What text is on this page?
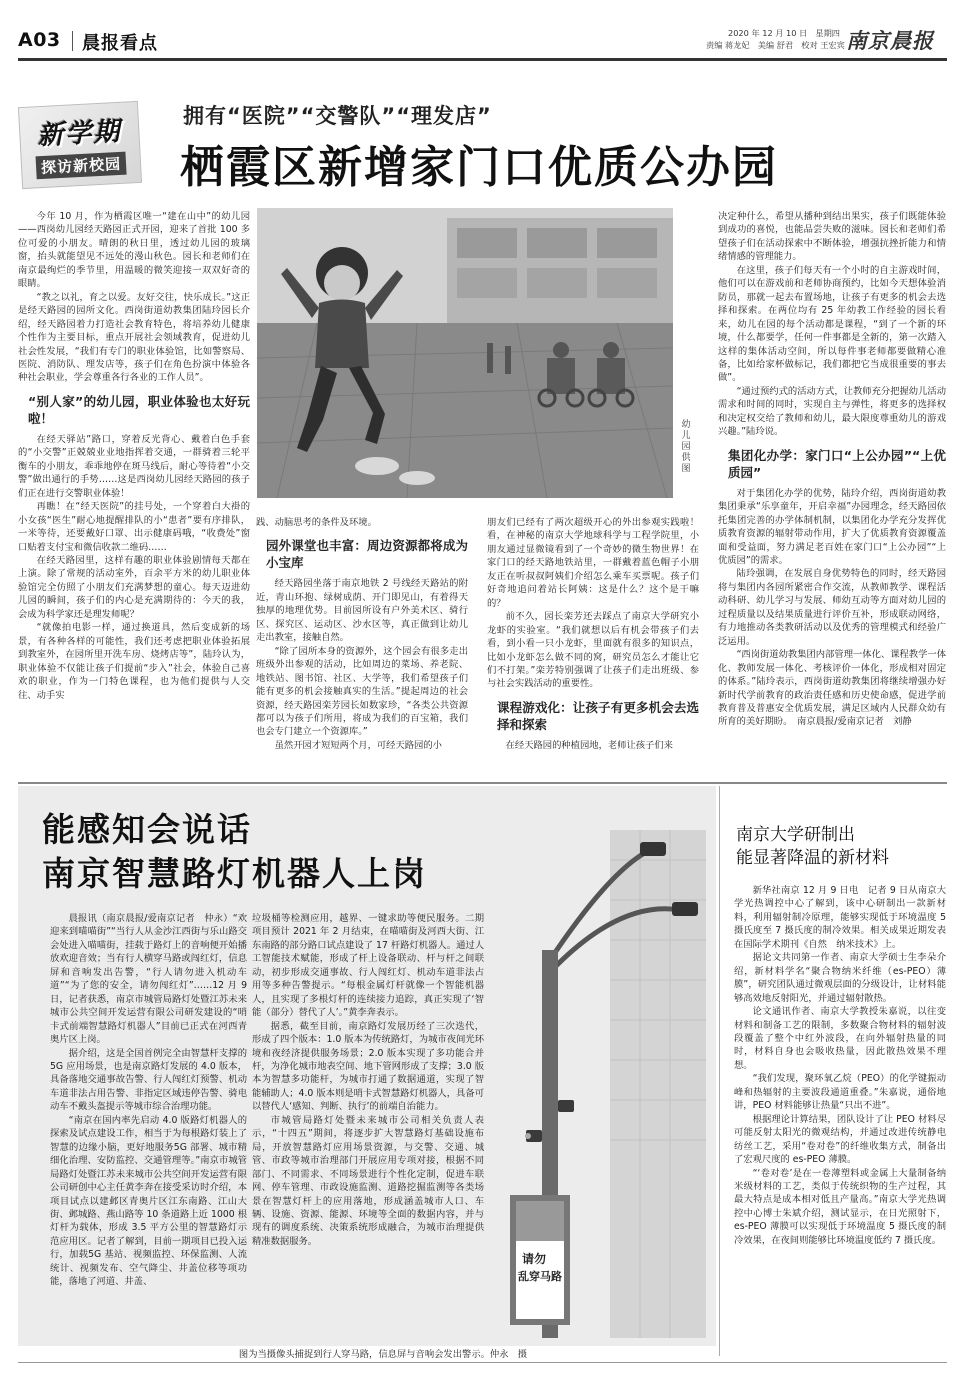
A03 晨报看点	2020 年 12 月 10 日　星期四
责编 蒋龙妃　美编 舒君　校对 王宏宾 南京晨报
新学期
探访新校园
拥有“医院”“交警队”“理发店”
栖霞区新增家门口优质公办园
幼儿园供图

今年 10 月，作为栖霞区唯一“建在山中”的幼儿园——西岗幼儿园经天路园正式开园，迎来了首批 100 多位可爱的小朋友。晴朗的秋日里，透过幼儿园的玻璃窗，抬头就能望见不远处的漫山秋色。园长和老师们在南京最绚烂的季节里，用温暖的微笑迎接一双双好奇的眼睛。

“教之以礼，育之以爱。友好交往，快乐成长。”这正是经天路园的园所文化。西岗街道幼教集团陆玲园长介绍，经天路园着力打造社会教育特色，将培养幼儿健康个性作为主要目标，重点开展社会领域教育，促进幼儿社会性发展，“我们有专门的职业体验馆，比如警察局、医院、消防队、理发店等，孩子们在角色扮演中体验各种社会职业，学会尊重各行各业的工作人员”。

“别人家”的幼儿园，职业体验也太好玩啦！

在经天驿站”路口，穿着反光背心、戴着白色手套的“小交警”正兢兢业业地指挥着交通，一群骑着三轮平衡车的小朋友，乖乖地停在斑马线后，耐心等待着“小交警”做出通行的手势……这是西岗幼儿园经天路园的孩子们正在进行交警职业体验！

再瞧！在“经天医院”的挂号处，一个穿着白大褂的小女孩“医生”耐心地提醒排队的小“患者”要有序排队，一米等待，还要戴好口罩、出示健康码哦，“收费处”窗口贴着支付宝和微信收款二维码……

在经天路园里，这样有趣的职业体验剧情每天都在上演。除了常规的活动室外，百余平方米的幼儿职业体验馆完全仿照了小朋友们充满梦想的童心。每天迈进幼儿园的瞬间，孩子们的内心是充满期待的：今天的我，会成为科学家还是理发师呢？

“就像拍电影一样，通过换道具，然后变成新的场景，有各种各样的可能性，我们还考虑把职业体验拓展到教室外，在园所里开洗车房、烧烤店等”，陆玲认为，职业体验不仅能让孩子们提前“步入”社会，体验自己喜欢的职业，作为一门特色课程，也为他们提供与人交往、动手实

践、动脑思考的条件及环境。

园外课堂也丰富：周边资源都将成为小宝库

经天路园坐落于南京地铁 2 号线经天路站的附近，青山环抱、绿树成荫、开门即见山，有着得天独厚的地理优势。目前园所设有户外美术区、骑行区、探究区、运动区、沙水区等，真正做到让幼儿走出教室，接触自然。

“除了园所本身的资源外，这个园会有很多走出班级外出参观的活动，比如周边的菜场、养老院、地铁站、图书馆、社区、大学等，我们希望孩子们能有更多的机会接触真实的生活。”提起周边的社会资源，经天路园栾芳园长如数家珍，“各类公共资源都可以为孩子们所用，将成为我们的百宝箱，我们也会专门建立一个资源库。”

虽然开园才短短两个月，可经天路园的小

朋友们已经有了两次超级开心的外出参观实践啦！看，在神秘的南京大学地球科学与工程学院里，小朋友通过显微镜看到了一个奇妙的微生物世界！在家门口的经天路地铁站里，一群戴着蓝色帽子小朋友正在听叔叔阿姨们介绍怎么乘车买票呢。孩子们好奇地追问着站长阿姨：这是什么？这个是干嘛的？

前不久，园长栾芳还去踩点了南京大学研究小龙虾的实验室。“我们就想以后有机会带孩子们去看，到小看一只小龙虾，里面就有很多的知识点，比如小龙虾怎么做不同的窝，研究员怎么才能让它们不打架。”栾芳特别强调了让孩子们走出班级、参与社会实践活动的重要性。

课程游戏化：让孩子有更多机会去选择和探索

在经天路园的种植园地，老师让孩子们来

决定种什么，希望从播种到结出果实，孩子们既能体验到成功的喜悦，也能品尝失败的滋味。园长和老师们希望孩子们在活动探索中不断体验，增强抗挫折能力和情绪情感的管理能力。

在这里，孩子们每天有一个小时的自主游戏时间，他们可以在游戏前和老师协商预约，比如今天想体验消防员，那就一起去布置场地，让孩子有更多的机会去选择和探索。在两位均有 25 年幼教工作经验的园长看来，幼儿在园的每个活动都是课程，“到了一个新的环境，什么都要学，任何一件事都是全新的，第一次踏入这样的集体活动空间，所以每件事老师都要做精心准备，比如给家杯做标记，我们都把它当成很重要的事去做”。

“通过预约式的活动方式，让教师充分把握幼儿活动需求和时间的同时，实现自主与弹性，将更多的选择权和决定权交给了教师和幼儿，最大限度尊重幼儿的游戏兴趣。”陆玲说。

集团化办学：家门口“上公办园”“上优质园”

对于集团化办学的优势，陆玲介绍，西岗街道幼教集团秉承“乐享童年，开启幸福”办园理念，经天路园依托集团完善的办学体制机制，以集团化办学充分发挥优质教育资源的辐射带动作用，扩大了优质教育资源覆盖面和受益面，努力满足老百姓在家门口“上公办园”“上优质园”的需求。

陆玲强调，在发展自身优势特色的同时，经天路园将与集团内各园所紧密合作交流，从教师教学、课程活动科研、幼儿学习与发展、师幼互动等方面对幼儿园的过程质量以及结果质量进行评价互补，形成联动网络，有力地推动各类教研活动以及优秀的管理模式和经验广泛运用。

“西岗街道幼教集团内部管理一体化、课程教学一体化、教师发展一体化、考核评价一体化，形成相对固定的体系。”陆玲表示，西岗街道幼教集团将继续增强办好新时代学前教育的政治责任感和历史使命感，促进学前教育普及普惠安全优质发展，满足区域内人民群众幼有所育的美好期盼。　南京晨报/爱南京记者　刘静

能感知会说话
南京智慧路灯机器人上岗

晨报讯（南京晨报/爱南京记者　仲永）“欢迎来到喵喵街”“当行人从金沙江西街与乐山路交会处进入喵喵街，挂载于路灯上的音响便开始播放欢迎音效；当有行人横穿马路或闯红灯，信息屏和音响发出告警，“行人请勿进入机动车道”“为了您的安全，请勿闯红灯”……12 月 9 日，记者获悉，南京市城管局路灯处暨江苏未来城市公共空间开发运营有限公司研发建设的“哨卡式前端智慧路灯机器人”目前已正式在河西青奥片区上岗。

据介绍，这是全国首例完全由智慧杆支撑的5G 应用场景，也是南京路灯发展的 4.0 版本，具备落地交通事故告警、行人闯红灯预警、机动车道非法占用告警、非指定区域违停告警、骑电动车不戴头盔提示等城市综合治理功能。

“南京在国内率先启动 4.0 版路灯机器人的探索及试点建设工作，相当于为每根路灯装上了智慧的边缘小脑，更好地服务5G 部署、城市精细化治理、安防监控、交通管理等。”南京市城管局路灯处暨江苏未来城市公共空间开发运营有限公司研创中心主任黄李奔在接受采访时介绍，本项目试点以建邺区青奥片区江东南路、江山大街、邺城路、燕山路等 10 条道路上近 1000 根灯杆为载体，形成 3.5 平方公里的智慧路灯示范应用区。记者了解到，目前一期项目已投入运行，加载5G 基站、视频监控、环保监测、人流统计、视频发布、空气降尘、井盖位移等项功能，落地了河道、井盖、

垃圾桶等检测应用，越界、一键求助等便民服务。二期项目预计 2021 年 2 月结束，在喵喵街及河西大街、江东南路的部分路口试点建设了 17 杆路灯机器人。通过人工智能技术赋能，形成了杆上设备联动、杆与杆之间联动，初步形成交通事故、行人闯红灯、机动车道非法占用等多种告警提示。“每根金属灯杆就像一个智能机器人，且实现了多根灯杆的连续接力追踪，真正实现了‘智能（部分）替代了人’。”黄李奔表示。

据悉，截至目前，南京路灯发展历经了三次迭代，形成了四个版本：1.0 版本为传统路灯，为城市夜间光环境和夜经济提供服务场景；2.0 版本实现了多功能合并杆，为净化城市地表空间、地下管网形成了支撑；3.0 版本为智慧多功能杆，为城市打通了数据通道，实现了智能辅助人；4.0 版本则是哨卡式智慧路灯机器人，具备可以替代人‘感知、判断、执行’的前端自治能力。

市城管局路灯处暨未来城市公司相关负责人表示，“十四五”期间，将逐步扩大智慧路灯基础设施布局，开放智慧路灯应用场景资源，与交警、交通、城管、市政等城市治理部门开展应用专项对接，根据不同部门、不同需求、不同场景进行个性化定制，促进车联网、停车管理、市政设施监测、道路挖掘监测等各类场景在智慧灯杆上的应用落地，形成涵盖城市人口、车辆、设施、资源、能源、环境等全面的数据内容，并与现有的调度系统、决策系统形成融合，为城市治理提供精准数据服务。

请勿
乱穿马路
图为当摄像头捕捉到行人穿马路，信息屏与音响会发出警示。仲永　摄
南京大学研制出
能显著降温的新材料

新华社南京 12 月 9 日电　记者 9 日从南京大学光热调控中心了解到，该中心研制出一款新材料，利用辐射制冷原理，能够实现低于环境温度 5 摄氏度至 7 摄氏度的制冷效果。相关成果近期发表在国际学术期刊《自然　纳米技术》上。

据论文共同第一作者、南京大学硕士生李朵介绍，新材料学名“聚合物纳米纤维（es-PEO）薄膜”，研究团队通过微观层面的分级设计，让材料能够高效地反射阳光，并通过辐射散热。

论文通讯作者、南京大学教授朱嘉说，以往变材料和制备工艺的限制，多数聚合物材料的辐射波段覆盖了整个中红外波段，在向外辐射热量的同时，材料自身也会吸收热量，因此散热效果不理想。

“我们发现，聚环氧乙烷（PEO）的化学键振动峰和热辐射的主要波段通道重叠。”朱嘉说，通俗地讲，PEO 材料能够让热量“只出不进”。

根据理论计算结果，团队设计了让 PEO 材料尽可能反射太阳光的微观结构，并通过改进传统静电纺丝工艺，采用“卷对卷”的纤维收集方式，制备出了宏观尺度的 es-PEO 薄膜。

“‘卷对卷’是在一卷薄塑料或金属上大量制备纳米级材料的工艺，类似于传统织物的生产过程，其最大特点是成本相对低且产量高。”南京大学光热调控中心博士朱斌介绍，测试显示，在日光照射下，es-PEO 薄膜可以实现低于环境温度 5 摄氏度的制冷效果，在夜间则能够比环境温度低约 7 摄氏度。
